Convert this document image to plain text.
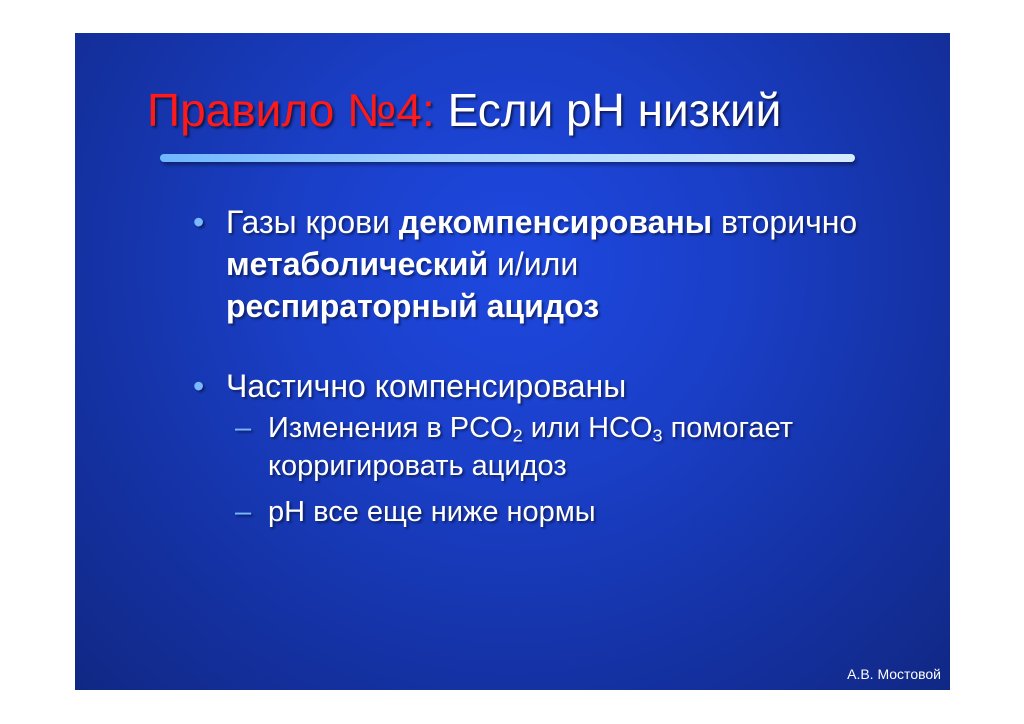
Правило №4: Если рН низкий
• Газы крови декомпенсированы вторично метаболический и/или
респираторный ацидоз
• Частично компенсированы
– Изменения в $PCO_2$ или $HCO_3$ помогает корригировать ацидоз
– рН все еще ниже нормы
А.В. Мостовой
